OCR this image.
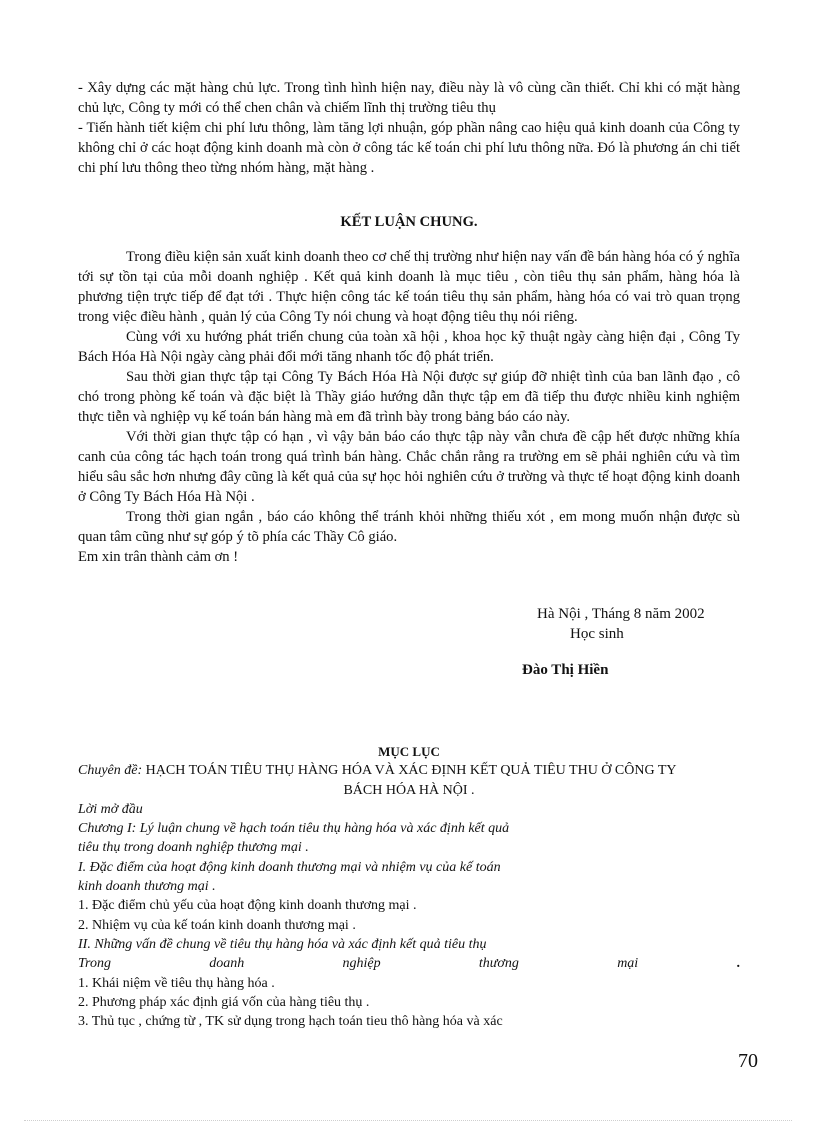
- Xây dựng các mặt hàng chủ lực. Trong tình hình hiện nay, điều này là vô cùng cần thiết. Chỉ khi có mặt hàng chủ lực, Công ty mới có thể chen chân và chiếm lĩnh thị trường tiêu thụ

- Tiến hành tiết kiệm chi phí lưu thông, làm tăng lợi nhuận, góp phần nâng cao hiệu quả kinh doanh của Công ty không chỉ ở các hoạt động kinh doanh mà còn ở công tác kế toán chi phí lưu thông nữa. Đó là phương án chi tiết chi phí lưu thông theo từng nhóm hàng, mặt hàng .

KẾT LUẬN CHUNG.

Trong điều kiện sản xuất kinh doanh theo cơ chế thị trường như hiện nay vấn đề bán hàng hóa có ý nghĩa tới sự tồn tại của mỗi doanh nghiệp . Kết quả kinh doanh là mục tiêu , còn tiêu thụ sản phẩm, hàng hóa là phương tiện trực tiếp để đạt tới . Thực hiện công tác kế toán tiêu thụ sản phẩm, hàng hóa có vai trò quan trọng trong việc điều hành , quản lý của Công Ty nói chung và hoạt động tiêu thụ nói riêng.

Cùng với xu hướng phát triển chung của toàn xã hội , khoa học kỹ thuật ngày càng hiện đại , Công Ty Bách Hóa Hà Nội ngày càng phải đổi mới tăng nhanh tốc độ phát triển.

Sau thời gian thực tập tại Công Ty Bách Hóa Hà Nội được sự giúp đỡ nhiệt tình của ban lãnh đạo , cô chó trong phòng kế toán và đặc biệt là Thầy giáo hướng dẫn thực tập em đã tiếp thu được nhiều kinh nghiệm thực tiễn và nghiệp vụ kế toán bán hàng mà em đã trình bày trong bảng báo cáo này.

Với thời gian thực tập có hạn , vì vậy bản báo cáo thực tập này vẫn chưa đề cập hết được những khía canh của công tác hạch toán trong quá trình bán hàng. Chắc chắn rằng ra trường em sẽ phải nghiên cứu và tìm hiểu sâu sắc hơn nhưng đây cũng là kết quả của sự học hỏi nghiên cứu ở trường và thực tế hoạt động kinh doanh ở Công Ty Bách Hóa Hà Nội .

Trong thời gian ngắn , báo cáo không thể tránh khỏi những thiếu xót , em mong muốn nhận được sù quan tâm cũng như sự góp ý tõ phía các Thầy Cô giáo.

Em xin trân thành cảm ơn !

Hà Nội , Tháng 8 năm 2002
Học sinh
Đào Thị Hiền
MỤC LỤC
Chuyên đề: HẠCH TOÁN TIÊU THỤ HÀNG HÓA VÀ XÁC ĐỊNH KẾT QUẢ TIÊU THU Ở CÔNG TY
BÁCH HÓA HÀ NỘI .
Lời mở đầu
Chương I: Lý luận chung về hạch toán tiêu thụ hàng hóa và xác định kết quả
tiêu thụ trong doanh nghiệp thương mại .
I. Đặc điểm của hoạt động kinh doanh thương mại và nhiệm vụ của kế toán
kinh doanh thương mại .
1. Đặc điểm chủ yếu của hoạt động kinh doanh thương mại .
2. Nhiệm vụ của kế toán kinh doanh thương mại .
II. Những vấn đề chung về tiêu thụ hàng hóa và xác định kết quả tiêu thụ
Trong	doanh	nghiệp	thương	mại	.
1. Khái niệm về tiêu thụ hàng hóa .
2. Phương pháp xác định giá vốn của hàng tiêu thụ .
3. Thủ tục , chứng từ , TK sử dụng trong hạch toán tieu thô hàng hóa và xác
70
